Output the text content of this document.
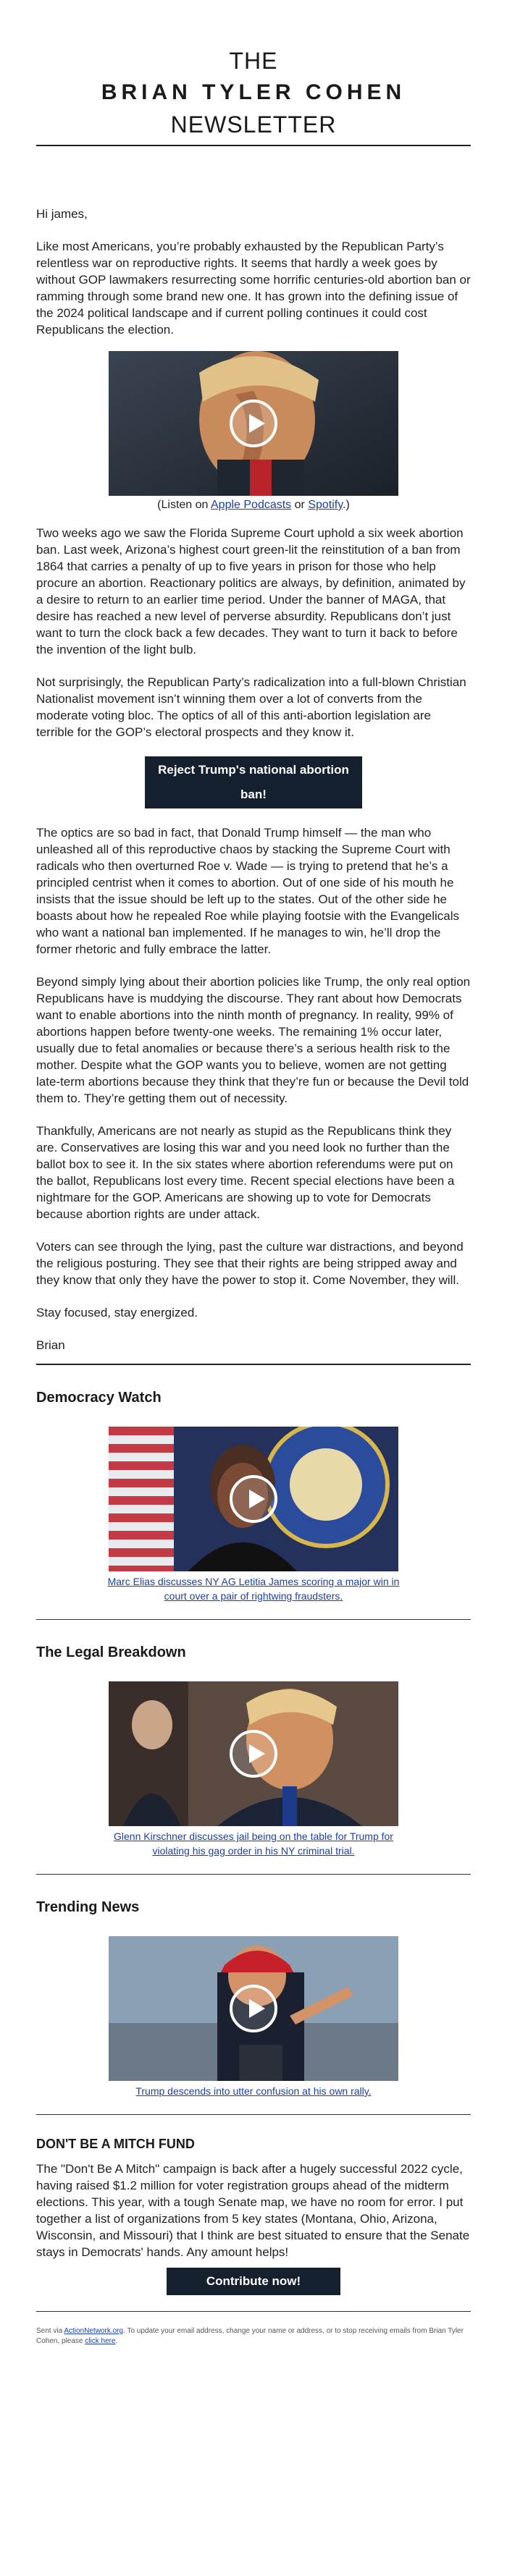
THE
BRIAN TYLER COHEN
NEWSLETTER

Hi james,

Like most Americans, you’re probably exhausted by the Republican Party’s relentless war on reproductive rights. It seems that hardly a week goes by without GOP lawmakers resurrecting some horrific centuries-old abortion ban or ramming through some brand new one. It has grown into the defining issue of the 2024 political landscape and if current polling continues it could cost Republicans the election.

(Listen on Apple Podcasts or Spotify.)

Two weeks ago we saw the Florida Supreme Court uphold a six week abortion ban. Last week, Arizona’s highest court green-lit the reinstitution of a ban from 1864 that carries a penalty of up to five years in prison for those who help procure an abortion. Reactionary politics are always, by definition, animated by a desire to return to an earlier time period. Under the banner of MAGA, that desire has reached a new level of perverse absurdity. Republicans don’t just want to turn the clock back a few decades. They want to turn it back to before the invention of the light bulb.

Not surprisingly, the Republican Party’s radicalization into a full-blown Christian Nationalist movement isn’t winning them over a lot of converts from the moderate voting bloc. The optics of all of this anti-abortion legislation are terrible for the GOP’s electoral prospects and they know it.

Reject Trump's national abortion ban!

The optics are so bad in fact, that Donald Trump himself — the man who unleashed all of this reproductive chaos by stacking the Supreme Court with radicals who then overturned Roe v. Wade — is trying to pretend that he’s a principled centrist when it comes to abortion. Out of one side of his mouth he insists that the issue should be left up to the states. Out of the other side he boasts about how he repealed Roe while playing footsie with the Evangelicals who want a national ban implemented. If he manages to win, he’ll drop the former rhetoric and fully embrace the latter.

Beyond simply lying about their abortion policies like Trump, the only real option Republicans have is muddying the discourse. They rant about how Democrats want to enable abortions into the ninth month of pregnancy. In reality, 99% of abortions happen before twenty-one weeks. The remaining 1% occur later, usually due to fetal anomalies or because there’s a serious health risk to the mother. Despite what the GOP wants you to believe, women are not getting late-term abortions because they think that they’re fun or because the Devil told them to. They’re getting them out of necessity.

Thankfully, Americans are not nearly as stupid as the Republicans think they are. Conservatives are losing this war and you need look no further than the ballot box to see it. In the six states where abortion referendums were put on the ballot, Republicans lost every time. Recent special elections have been a nightmare for the GOP. Americans are showing up to vote for Democrats because abortion rights are under attack.

Voters can see through the lying, past the culture war distractions, and beyond the religious posturing. They see that their rights are being stripped away and they know that only they have the power to stop it. Come November, they will.

Stay focused, stay energized.

Brian

Democracy Watch
Marc Elias discusses NY AG Letitia James scoring a major win in court over a pair of rightwing fraudsters.
The Legal Breakdown
Glenn Kirschner discusses jail being on the table for Trump for violating his gag order in his NY criminal trial.
Trending News
Trump descends into utter confusion at his own rally.
DON'T BE A MITCH FUND

The "Don't Be A Mitch" campaign is back after a hugely successful 2022 cycle, having raised $1.2 million for voter registration groups ahead of the midterm elections. This year, with a tough Senate map, we have no room for error. I put together a list of organizations from 5 key states (Montana, Ohio, Arizona, Wisconsin, and Missouri) that I think are best situated to ensure that the Senate stays in Democrats' hands. Any amount helps!

Contribute now!
Sent via ActionNetwork.org. To update your email address, change your name or address, or to stop receiving emails from Brian Tyler Cohen, please click here.
